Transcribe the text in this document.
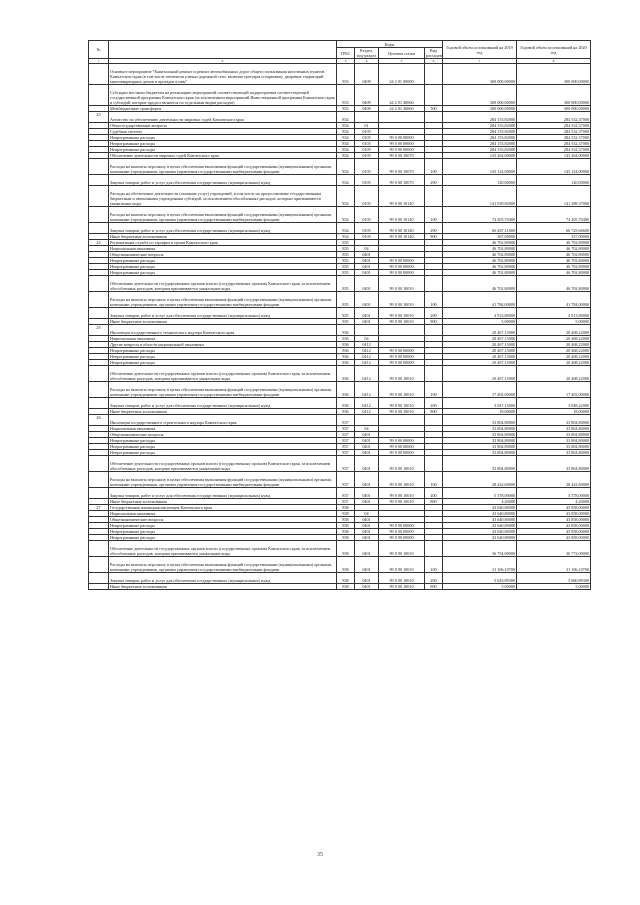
№		Коды				Годовой объем ассигнований на 2019 год	Годовой объем ассигнований на 2020 год
		ГРБС	Раздел, под-раздел	Целевая статья	Вид расходов		
1	2	3	4	5	6	7	8
	Основное мероприятие "Капитальный ремонт и ремонт автомобильных дорог общего пользования населенных пунктов Камчатского края (в том числе элементов улично-дорожной сети, включая тротуары и парковки), дворовых территорий многоквартирных домов и проездов к ним"	833	0409	24 2 01 00000		300 000,00000	300 000,00000
	Субсидии местным бюджетам на реализацию мероприятий соответствующей подпрограммы соответствующей государственной программы Камчатского края (за исключением мероприятий Инвестиционной программы Камчатского края и субсидий, которые предоставляются по отдельным видам расходов)	833	0409	24 2 01 40060		300 000,00000	300 000,00000
	Межбюджетные трансферты	833	0409	24 2 01 40060	500	300 000,00000	300 000,00000
23	Агентство по обеспечению деятельности мировых судей Камчатского края	834				284 153,82000	284 532,37000
	Общегосударственные вопросы	834	01			284 153,82000	284 532,37000
	Судебная система	834	0105			284 153,82000	284 532,37000
	Непрограммные расходы	834	0105	99 0 00 00000		284 153,82000	284 532,37000
	Непрограммные расходы	834	0105	99 0 00 00000		284 153,82000	284 532,37000
	Непрограммные расходы	834	0105	99 0 00 00000		284 153,82000	284 532,37000
	Обеспечение деятельности мировых судей Камчатского края	834	0105	99 0 00 10070		143 264,00000	143 264,00000
	Расходы на выплаты персоналу в целях обеспечения выполнения функций государственными (муниципальными) органами, казенными учреждениями, органами управления государственными внебюджетными фондами	834	0105	99 0 00 10070	100	143 124,00000	143 124,00000
	Закупка товаров, работ и услуг для обеспечения государственных (муниципальных) нужд	834	0105	99 0 00 10070	200	120,00000	120,00000
	Расходы на обеспечение деятельности (оказание услуг) учреждений, в том числе на предоставление государственным бюджетным и автономным учреждениям субсидий, за исключением обособленных расходов, которым присваиваются уникальные коды	834	0105	99 0 00 10140		141 039,82000	141 288,37000
	Расходы на выплаты персоналу в целях обеспечения выполнения функций государственными (муниципальными) органами, казенными учреждениями, органами управления государственными внебюджетными фондами	834	0105	99 0 00 10140	100	74 205,70400	74 205,70400
	Закупка товаров, работ и услуг для обеспечения государственных (муниципальных) нужд	834	0105	99 0 00 10140	200	66 467,11600	66 725,66600
	Иные бюджетные ассигнования	834	0105	99 0 00 10140	800	367,00000	357,00000
24	Региональная служба по тарифам и ценам Камчатского края	835				46 702,80000	46 702,80000
	Национальная экономика	835	04			46 702,80000	46 702,80000
	Общеэкономические вопросы	835	0401			46 702,80000	46 702,80000
	Непрограммные расходы	835	0401	99 0 00 00000		46 702,80000	46 702,80000
	Непрограммные расходы	835	0401	99 0 00 00000		46 702,80000	46 702,80000
	Непрограммные расходы	835	0401	99 0 00 00000		46 702,80000	46 702,80000
	Обеспечение деятельности государственных органов власти (государственных органов) Камчатского края, за исключением обособленных расходов, которым присваиваются уникальные коды	835	0401	99 0 00 10010		46 702,80000	46 702,80000
	Расходы на выплаты персоналу в целях обеспечения выполнения функций государственными (муниципальными) органами, казенными учреждениями, органами управления государственными внебюджетными фондами	835	0401	99 0 00 10010	100	41 784,00000	41 784,00000
	Закупка товаров, работ и услуг для обеспечения государственных (муниципальных) нужд	835	0401	99 0 00 10010	200	4 913,80000	4 913,80000
	Иные бюджетные ассигнования	835	0401	99 0 00 10010	800	5,00000	5,00000
25	Инспекция государственного технического надзора Камчатского края	836				20 467,15000	20 468,22000
	Национальная экономика	836	04			20 467,15000	20 468,22000
	Другие вопросы в области национальной экономики	836	0412			20 467,15000	20 468,22000
	Непрограммные расходы	836	0412	99 0 00 00000		20 467,15000	20 468,22000
	Непрограммные расходы	836	0412	99 0 00 00000		20 467,15000	20 468,22000
	Непрограммные расходы	836	0412	99 0 00 00000		20 467,15000	20 468,22000
	Обеспечение деятельности государственных органов власти (государственных органов) Камчатского края, за исключением обособленных расходов, которым присваиваются уникальные коды	836	0412	99 0 00 10010		20 467,15000	20 468,22000
	Расходы на выплаты персоналу в целях обеспечения выполнения функций государственными (муниципальными) органами, казенными учреждениями, органами управления государственными внебюджетными фондами	836	0412	99 0 00 10010	100	17 402,00000	17 402,00000
	Закупка товаров, работ и услуг для обеспечения государственных (муниципальных) нужд	836	0412	99 0 00 10010	200	3 047,15000	3 048,22000
	Иные бюджетные ассигнования	836	0412	99 0 00 10010	800	18,00000	18,00000
26	Инспекция государственного строительного надзора Камчатского края	837				33 804,80000	33 804,80000
	Национальная экономика	837	04			33 804,80000	33 804,80000
	Общеэкономические вопросы	837	0401			33 804,80000	33 804,80000
	Непрограммные расходы	837	0401	99 0 00 00000		33 804,80000	33 804,80000
	Непрограммные расходы	837	0401	99 0 00 00000		33 804,80000	33 804,80000
	Непрограммные расходы	837	0401	99 0 00 00000		33 804,80000	33 804,80000
	Обеспечение деятельности государственных органов власти (государственных органов) Камчатского края, за исключением обособленных расходов, которым присваиваются уникальные коды	837	0401	99 0 00 10010		33 804,80000	33 804,80000
	Расходы на выплаты персоналу в целях обеспечения выполнения функций государственными (муниципальными) органами, казенными учреждениями, органами управления государственными внебюджетными фондами	837	0401	99 0 00 10010	100	28 422,60000	28 422,60000
	Закупка товаров, работ и услуг для обеспечения государственных (муниципальных) нужд	837	0401	99 0 00 10010	200	5 378,00000	5 378,00000
	Иные бюджетные ассигнования	837	0401	99 0 00 10010	800	4,20000	4,20000
27	Государственная жилищная инспекция Камчатского края	838				43 640,80000	43 858,00000
	Национальная экономика	838	04			43 640,80000	43 858,00000
	Общеэкономические вопросы	838	0401			43 640,80000	43 858,00000
	Непрограммные расходы	838	0401	99 0 00 00000		43 640,80000	43 858,00000
	Непрограммные расходы	838	0401	99 0 00 00000		43 640,80000	43 858,00000
	Непрограммные расходы	838	0401	99 0 00 00000		43 640,80000	43 858,00000
	Обеспечение деятельности государственных органов власти (государственных органов) Камчатского края, за исключением обособленных расходов, которым присваиваются уникальные коды	838	0401	99 0 00 10010		36 754,00000	36 772,00000
	Расходы на выплаты персоналу в целях обеспечения выполнения функций государственными (муниципальными) органами, казенными учреждениями, органами управления государственными внебюджетными фондами	838	0401	99 0 00 10010	100	31 106,10700	31 106,10700
	Закупка товаров, работ и услуг для обеспечения государственных (муниципальных) нужд	838	0401	99 0 00 10010	200	5 643,89300	5 660,89300
	Иные бюджетные ассигнования	838	0401	99 0 00 10010	800	5,00000	5,00000
35
